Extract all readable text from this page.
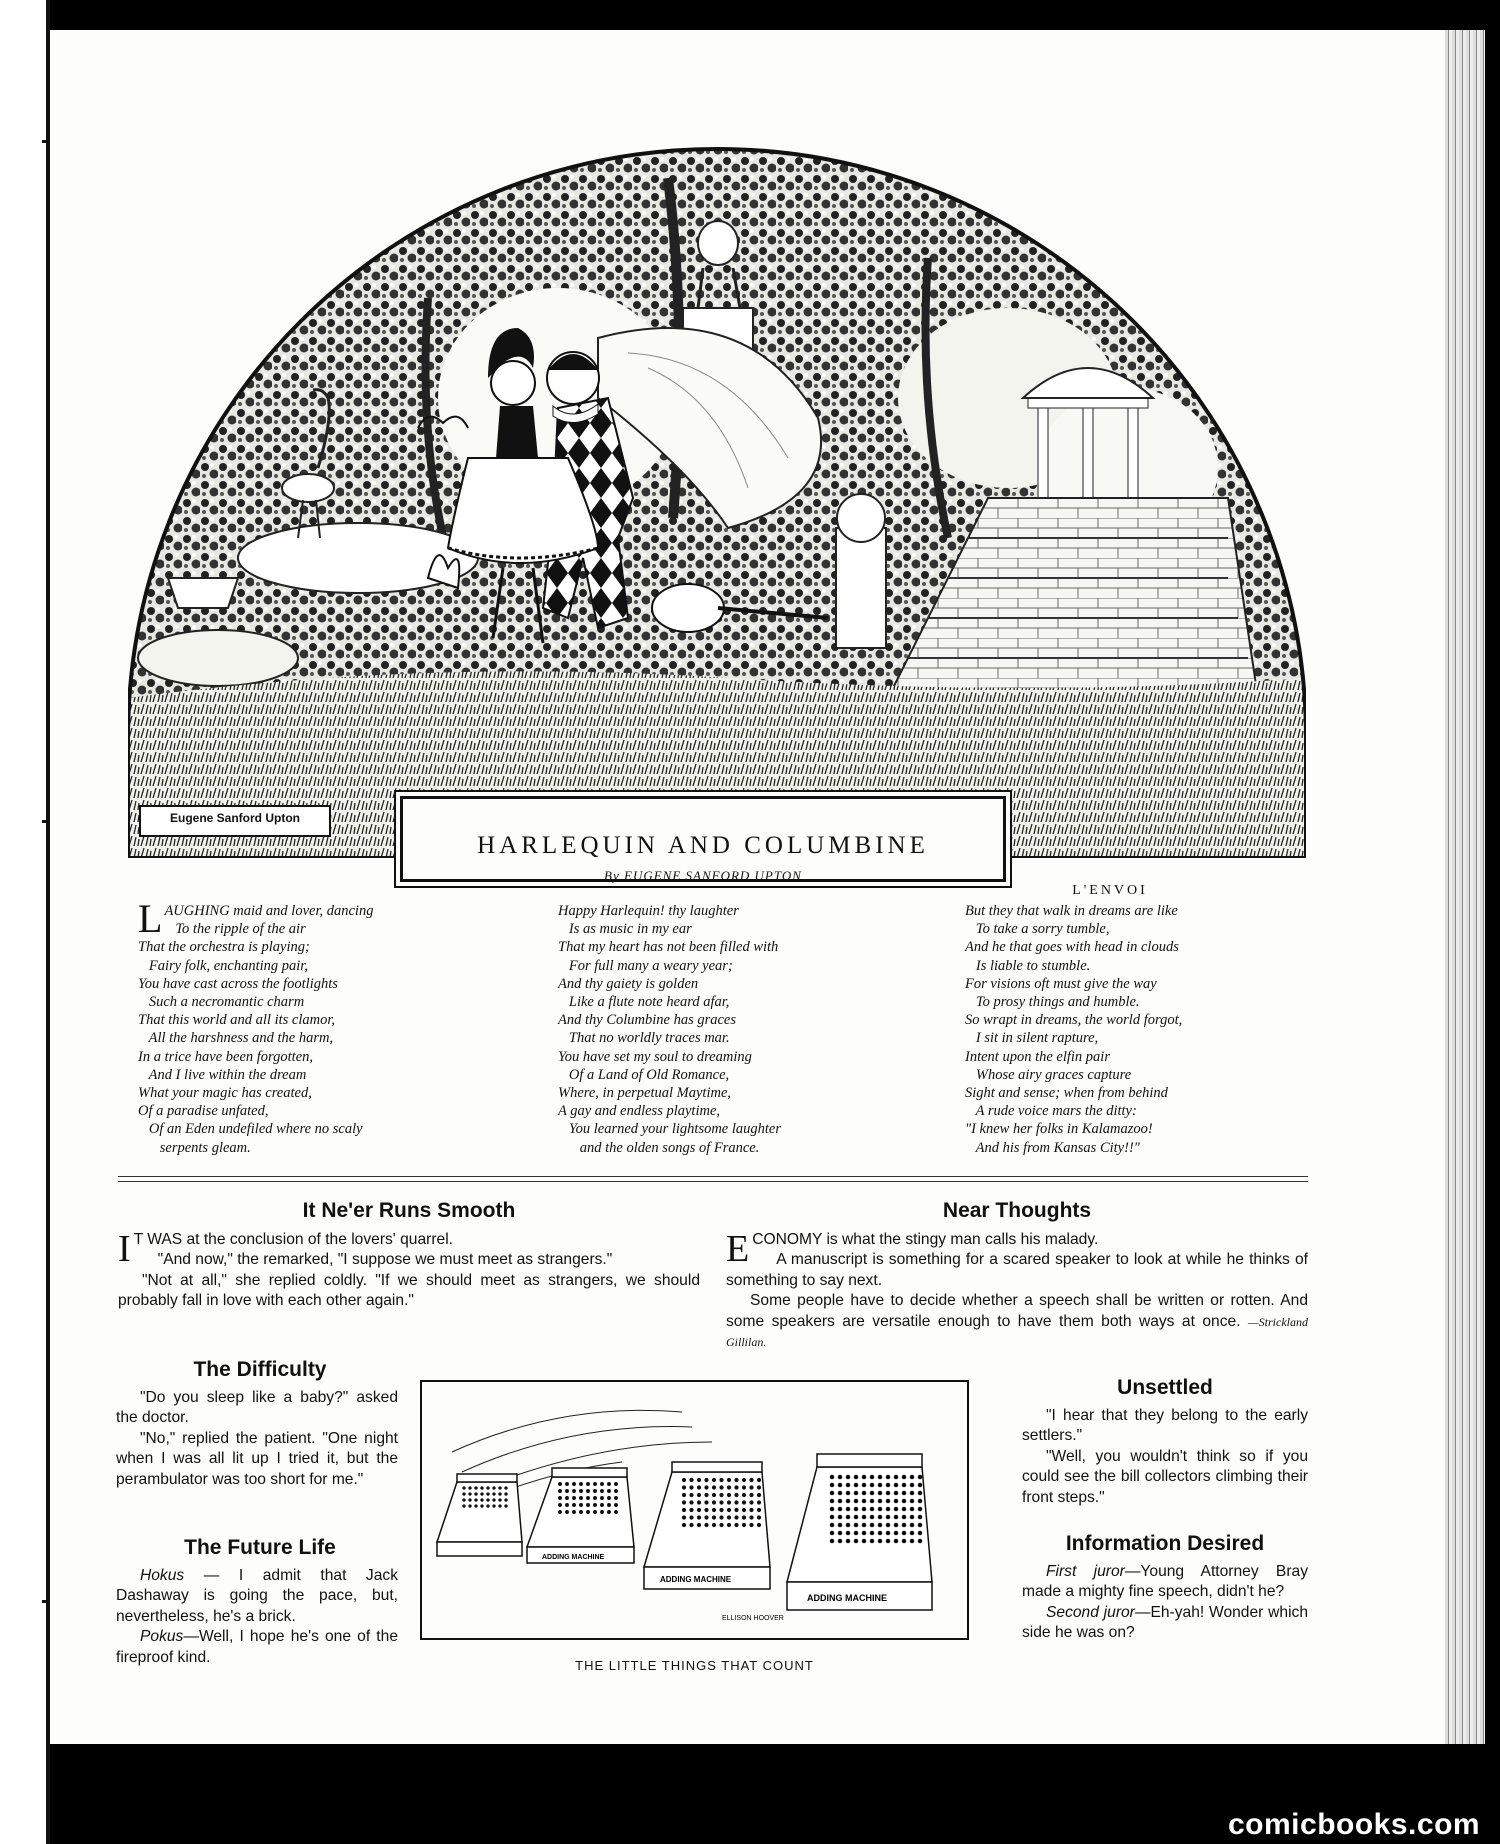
Eugene Sanford Upton
HARLEQUIN AND COLUMBINE
By EUGENE SANFORD UPTON
LAUGHING maid and lover, dancing
To the ripple of the air
That the orchestra is playing;
Fairy folk, enchanting pair,
You have cast across the footlights
Such a necromantic charm
That this world and all its clamor,
All the harshness and the harm,
In a trice have been forgotten,
And I live within the dream
What your magic has created,
Of a paradise unfated,
Of an Eden undefiled where no scaly
serpents gleam.
Happy Harlequin! thy laughter
Is as music in my ear
That my heart has not been filled with
For full many a weary year;
And thy gaiety is golden
Like a flute note heard afar,
And thy Columbine has graces
That no worldly traces mar.
You have set my soul to dreaming
Of a Land of Old Romance,
Where, in perpetual Maytime,
A gay and endless playtime,
You learned your lightsome laughter
and the olden songs of France.
L'ENVOI
But they that walk in dreams are like
To take a sorry tumble,
And he that goes with head in clouds
Is liable to stumble.
For visions oft must give the way
To prosy things and humble.
So wrapt in dreams, the world forgot,
I sit in silent rapture,
Intent upon the elfin pair
Whose airy graces capture
Sight and sense; when from behind
A rude voice mars the ditty:
"I knew her folks in Kalamazoo!
And his from Kansas City!!"
It Ne'er Runs Smooth

I T WAS at the conclusion of the lovers' quarrel.

"And now," the remarked, "I suppose we must meet as strangers."

"Not at all," she replied coldly. "If we should meet as strangers, we should probably fall in love with each other again."

Near Thoughts

ECONOMY is what the stingy man calls his malady.

A manuscript is something for a scared speaker to look at while he thinks of something to say next.

Some people have to decide whether a speech shall be written or rotten. And some speakers are versatile enough to have them both ways at once. —Strickland Gillilan.

The Difficulty

"Do you sleep like a baby?" asked the doctor.

"No," replied the patient. "One night when I was all lit up I tried it, but the perambulator was too short for me."

The Future Life

Hokus — I admit that Jack Dashaway is going the pace, but, nevertheless, he's a brick.

Pokus—Well, I hope he's one of the fireproof kind.

ADDING MACHINE
ADDING MACHINE
ADDING MACHINE
ELLISON HOOVER
THE LITTLE THINGS THAT COUNT
Unsettled

"I hear that they belong to the early settlers."

"Well, you wouldn't think so if you could see the bill collectors climbing their front steps."

Information Desired

First juror—Young Attorney Bray made a mighty fine speech, didn't he?

Second juror—Eh-yah! Wonder which side he was on?

comicbooks.com
